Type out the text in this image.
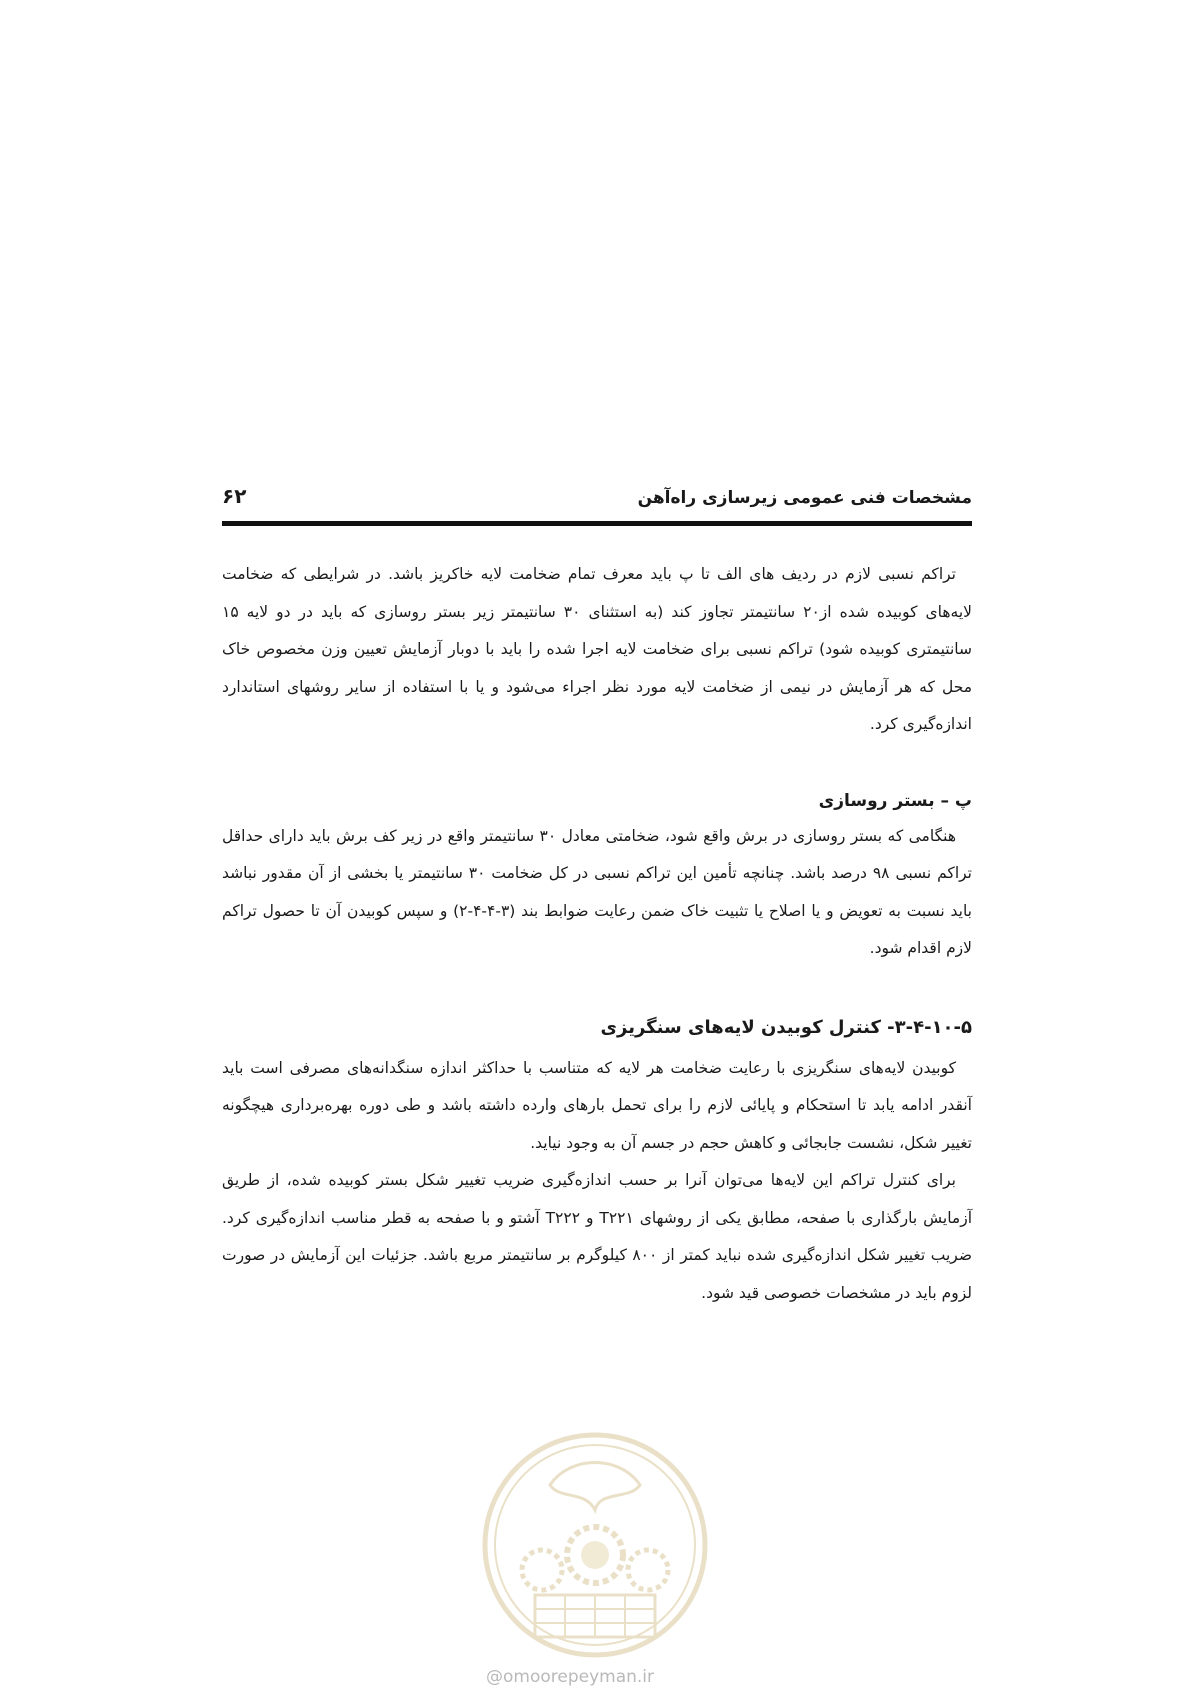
مشخصات فنی عمومی زیرسازی راه‌آهن
۶۲

تراکم نسبی لازم در ردیف های الف تا پ باید معرف تمام ضخامت لایه خاکریز باشد. در شرایطی که ضخامت لایه‌های کوبیده شده از۲۰ سانتیمتر تجاوز کند (به استثنای ۳۰ سانتیمتر زیر بستر روسازی که باید در دو لایه ۱۵ سانتیمتری کوبیده شود) تراکم نسبی برای ضخامت لایه اجرا شده را باید با دوبار آزمایش تعیین وزن مخصوص خاک محل که هر آزمایش در نیمی از ضخامت لایه مورد نظر اجراء می‌شود و یا با استفاده از سایر روشهای استاندارد اندازه‌گیری کرد.

پ – بستر روسازی

هنگامی که بستر روسازی در برش واقع شود، ضخامتی معادل ۳۰ سانتیمتر واقع در زیر کف برش باید دارای حداقل تراکم نسبی ۹۸ درصد باشد. چنانچه تأمین این تراکم نسبی در کل ضخامت ۳۰ سانتیمتر یا بخشی از آن مقدور نباشد باید نسبت به تعویض و یا اصلاح یا تثبیت خاک ضمن رعایت ضوابط بند (۳-۴-۴-۲) و سپس کوبیدن آن تا حصول تراکم لازم اقدام شود.

۳-۴-۱۰-۵- کنترل کوبیدن لایه‌های سنگریزی

کوبیدن لایه‌های سنگریزی با رعایت ضخامت هر لایه که متناسب با حداکثر اندازه سنگدانه‌های مصرفی است باید آنقدر ادامه یابد تا استحکام و پایائی لازم را برای تحمل بارهای وارده داشته باشد و طی دوره بهره‌برداری هیچگونه تغییر شکل، نشست جابجائی و کاهش حجم در جسم آن به وجود نیاید.

برای کنترل تراکم این لایه‌ها می‌توان آنرا بر حسب اندازه‌گیری ضریب تغییر شکل بستر کوبیده شده، از طریق آزمایش بارگذاری با صفحه، مطابق یکی از روشهای T۲۲۱ و T۲۲۲ آشتو و با صفحه به قطر مناسب اندازه‌گیری کرد. ضریب تغییر شکل اندازه‌گیری شده نباید کمتر از ۸۰۰ کیلوگرم بر سانتیمتر مربع باشد. جزئیات این آزمایش در صورت لزوم باید در مشخصات خصوصی قید شود.

@omoorepeyman.ir
